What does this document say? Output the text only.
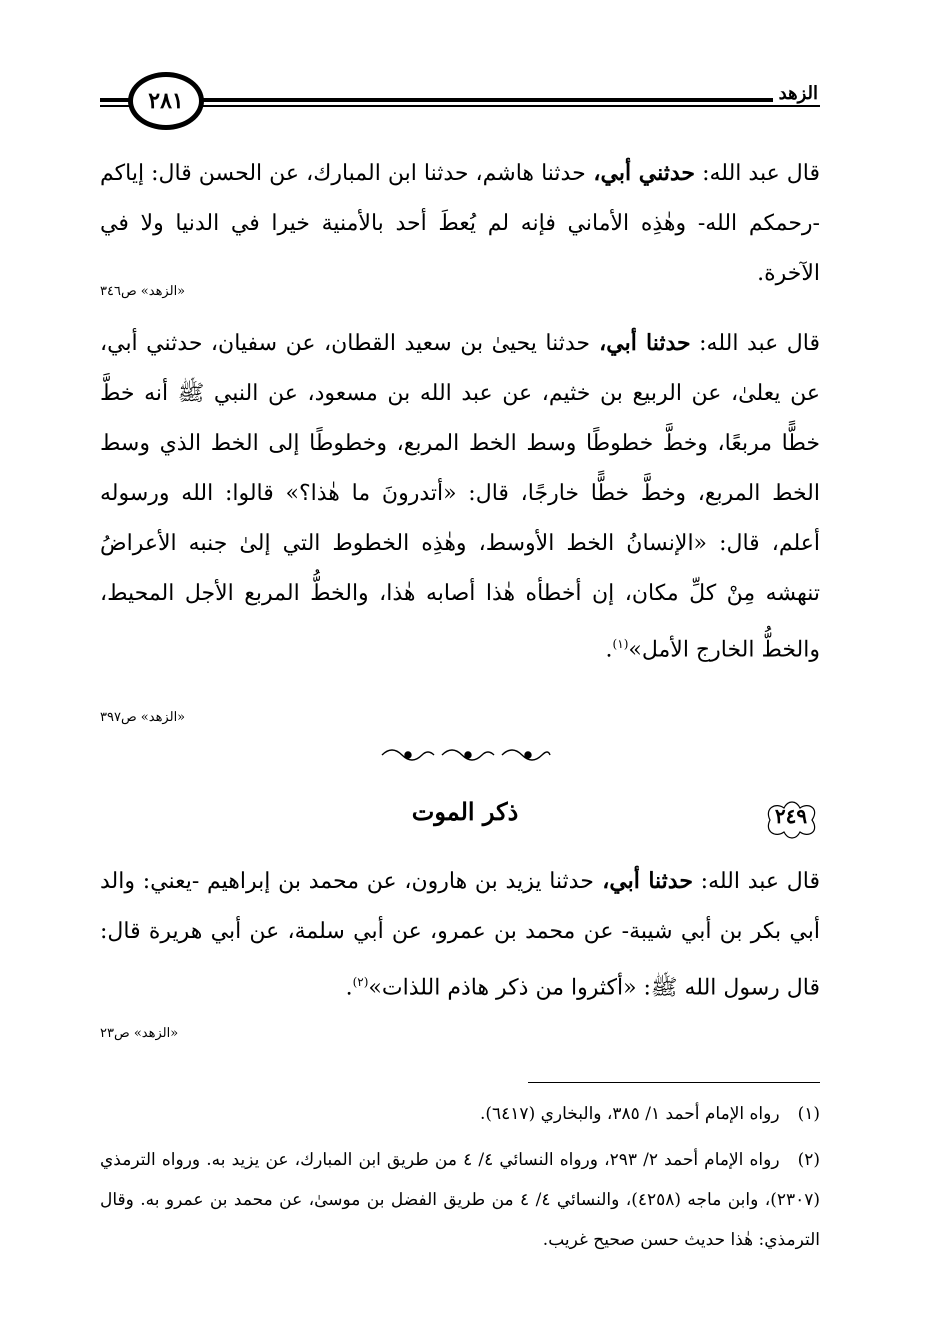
الزهد
٢٨١
قال عبد الله: حدثني أبي، حدثنا هاشم، حدثنا ابن المبارك، عن الحسن قال: إياكم -رحمكم الله- وهٰذِه الأماني فإنه لم يُعطَ أحد بالأمنية خيرا في الدنيا ولا في الآخرة.
«الزهد» ص٣٤٦
قال عبد الله: حدثنا أبي، حدثنا يحيىٰ بن سعيد القطان، عن سفيان، حدثني أبي، عن يعلىٰ، عن الربيع بن خثيم، عن عبد الله بن مسعود، عن النبي ﷺ أنه خطَّ خطًّا مربعًا، وخطَّ خطوطًا وسط الخط المربع، وخطوطًا إلى الخط الذي وسط الخط المربع، وخطَّ خطًّا خارجًا، قال: «أتدرونَ ما هٰذا؟» قالوا: الله ورسوله أعلم، قال: «الإنسانُ الخط الأوسط، وهٰذِه الخطوط التي إلىٰ جنبه الأعراضُ تنهشه مِنْ كلِّ مكان، إن أخطأه هٰذا أصابه هٰذا، والخطُّ المربع الأجل المحيط، والخطُّ الخارج الأمل»$^{(١)}$.
«الزهد» ص٣٩٧
٢٤٩
ذكر الموت
قال عبد الله: حدثنا أبي، حدثنا يزيد بن هارون، عن محمد بن إبراهيم -يعني: والد أبي بكر بن أبي شيبة- عن محمد بن عمرو، عن أبي سلمة، عن أبي هريرة قال: قال رسول الله ﷺ: «أكثروا من ذكر هاذم اللذات»$^{(٢)}$.
«الزهد» ص٢٣
(١)رواه الإمام أحمد ١/ ٣٨٥، والبخاري (٦٤١٧).
(٢)رواه الإمام أحمد ٢/ ٢٩٣، ورواه النسائي ٤/ ٤ من طريق ابن المبارك، عن يزيد به. ورواه الترمذي (٢٣٠٧)، وابن ماجه (٤٢٥٨)، والنسائي ٤/ ٤ من طريق الفضل بن موسىٰ، عن محمد بن عمرو به. وقال الترمذي: هٰذا حديث حسن صحيح غريب.
